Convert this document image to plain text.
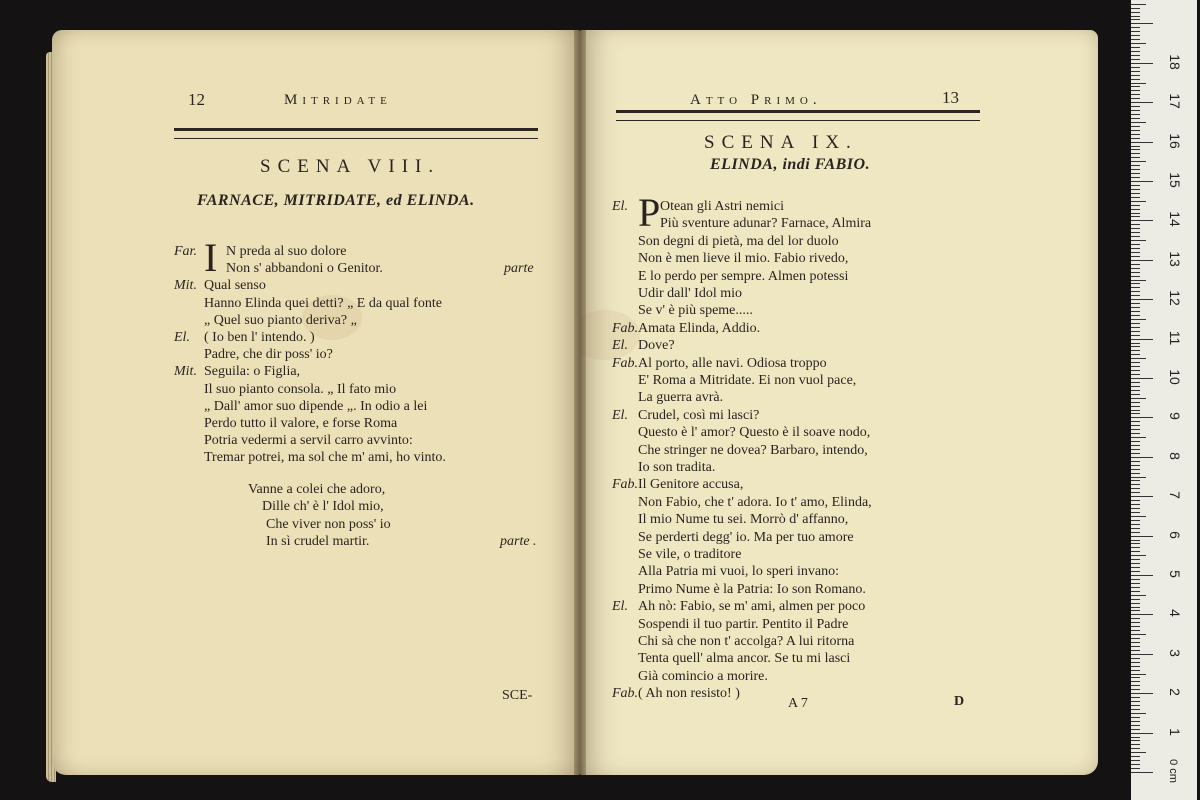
12	Mitridate
SCENA VIII.
FARNACE, MITRIDATE, ed ELINDA.
Far. I N preda al suo dolore
Non s' abbandoni o Genitor.	parte
Mit. Qual senso
Hanno Elinda quei detti? „ E da qual fonte
„ Quel suo pianto deriva? „
El. ( Io ben l' intendo. )
Padre, che dir poss' io?
Mit. Seguila: o Figlia,
Il suo pianto consola. „ Il fato mio
„ Dall' amor suo dipende „. In odio a lei
Perdo tutto il valore, e forse Roma
Potria vedermi a servil carro avvinto:
Tremar potrei, ma sol che m' ami, ho vinto.
Vanne a colei che adoro,
Dille ch' è l' Idol mio,
Che viver non poss' io
In sì crudel martir.	parte .
SCE-
Atto Primo.	13
SCENA IX.
ELINDA, indi FABIO.
El. P Otean gli Astri nemici
Più sventure adunar? Farnace, Almira
Son degni di pietà, ma del lor duolo
Non è men lieve il mio. Fabio rivedo,
E lo perdo per sempre. Almen potessi
Udir dall' Idol mio
Se v' è più speme.....
Fab. Amata Elinda, Addio.
El. Dove?
Fab. Al porto, alle navi. Odiosa troppo
E' Roma a Mitridate. Ei non vuol pace,
La guerra avrà.
El. Crudel, così mi lasci?
Questo è l' amor? Questo è il soave nodo,
Che stringer ne dovea? Barbaro, intendo,
Io son tradita.
Fab. Il Genitore accusa,
Non Fabio, che t' adora. Io t' amo, Elinda,
Il mio Nume tu sei. Morrò d' affanno,
Se perderti degg' io. Ma per tuo amore
Se vile, o traditore
Alla Patria mi vuoi, lo speri invano:
Primo Nume è la Patria: Io son Romano.
El. Ah nò: Fabio, se m' ami, almen per poco
Sospendi il tuo partir. Pentito il Padre
Chi sà che non t' accolga? A lui ritorna
Tenta quell' alma ancor. Se tu mi lasci
Già comincio a morire.
Fab. ( Ah non resisto! )
A 7	D
1
2
3
4
5
6
7
8
9
10
11
12
13
14
15
16
17
18
0 cm
